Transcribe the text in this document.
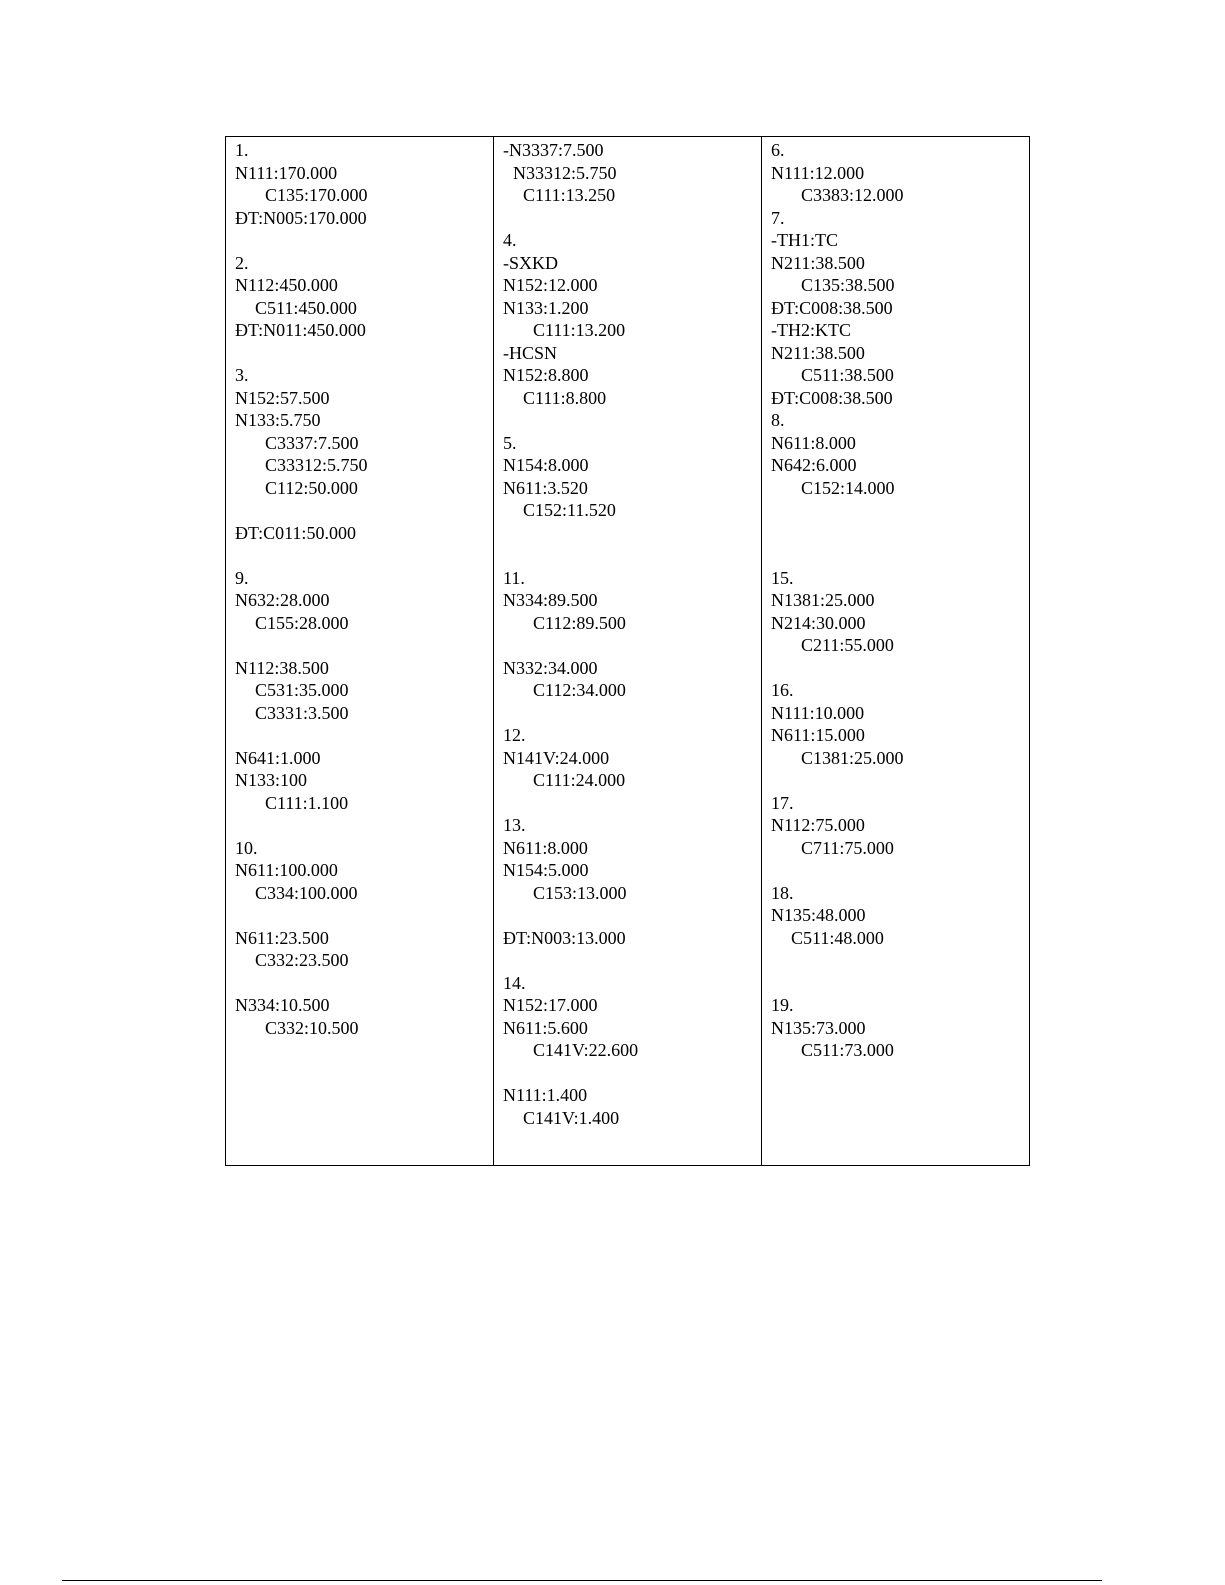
1.
N111:170.000
C135:170.000
ĐT:N005:170.000
2.
N112:450.000
C511:450.000
ĐT:N011:450.000
3.
N152:57.500
N133:5.750
C3337:7.500
C33312:5.750
C112:50.000
ĐT:C011:50.000
9.
N632:28.000
C155:28.000
N112:38.500
C531:35.000
C3331:3.500
N641:1.000
N133:100
C111:1.100
10.
N611:100.000
C334:100.000
N611:23.500
C332:23.500
N334:10.500
C332:10.500

-N3337:7.500
N33312:5.750
C111:13.250
4.
-SXKD
N152:12.000
N133:1.200
C111:13.200
-HCSN
N152:8.800
C111:8.800
5.
N154:8.000
N611:3.520
C152:11.520
11.
N334:89.500
C112:89.500
N332:34.000
C112:34.000
12.
N141V:24.000
C111:24.000
13.
N611:8.000
N154:5.000
C153:13.000
ĐT:N003:13.000
14.
N152:17.000
N611:5.600
C141V:22.600
N111:1.400
C141V:1.400

6.
N111:12.000
C3383:12.000
7.
-TH1:TC
N211:38.500
C135:38.500
ĐT:C008:38.500
-TH2:KTC
N211:38.500
C511:38.500
ĐT:C008:38.500
8.
N611:8.000
N642:6.000
C152:14.000
15.
N1381:25.000
N214:30.000
C211:55.000
16.
N111:10.000
N611:15.000
C1381:25.000
17.
N112:75.000
C711:75.000
18.
N135:48.000
C511:48.000
19.
N135:73.000
C511:73.000
